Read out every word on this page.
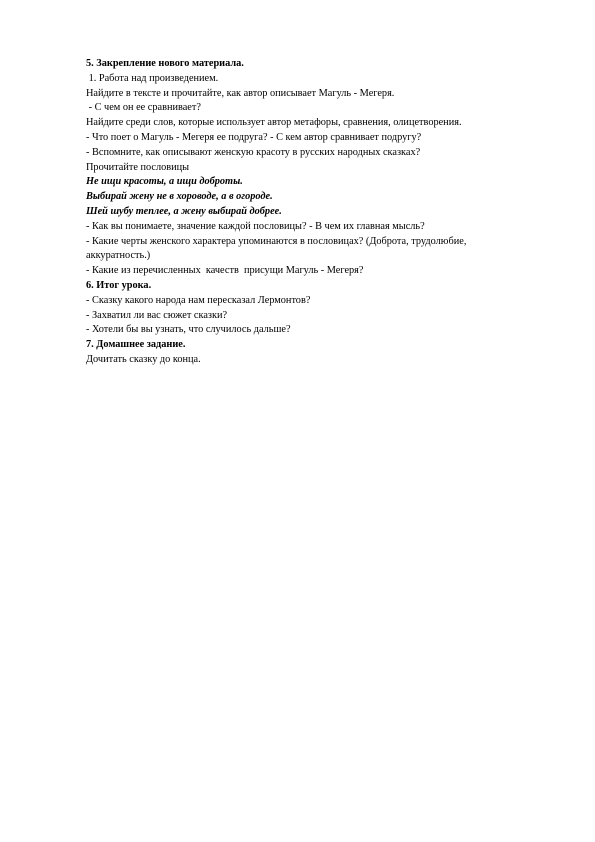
5. Закрепление нового материала.

1. Работа над произведением.

Найдите в тексте и прочитайте, как автор описывает Магуль - Мегеря.

- С чем он ее сравнивает?

Найдите среди слов, которые использует автор метафоры, сравнения, олицетворения.

- Что поет о Магуль - Мегеря ее подруга? - С кем автор сравнивает подругу?

- Вспомните, как описывают женскую красоту в русских народных сказках?

Прочитайте пословицы

Не ищи красоты, а ищи доброты.

Выбирай жену не в хороводе, а в огороде.

Шей шубу теплее, а жену выбирай добрее.

- Как вы понимаете, значение каждой пословицы? - В чем их главная мысль?

- Какие черты женского характера упоминаются в пословицах? (Доброта, трудолюбие, аккуратность.)

- Какие из перечисленных  качеств  присущи Магуль - Мегеря?

6. Итог урока.

- Сказку какого народа нам пересказал Лермонтов?

- Захватил ли вас сюжет сказки?

- Хотели бы вы узнать, что случилось дальше?

7. Домашнее задание.

Дочитать сказку до конца.
